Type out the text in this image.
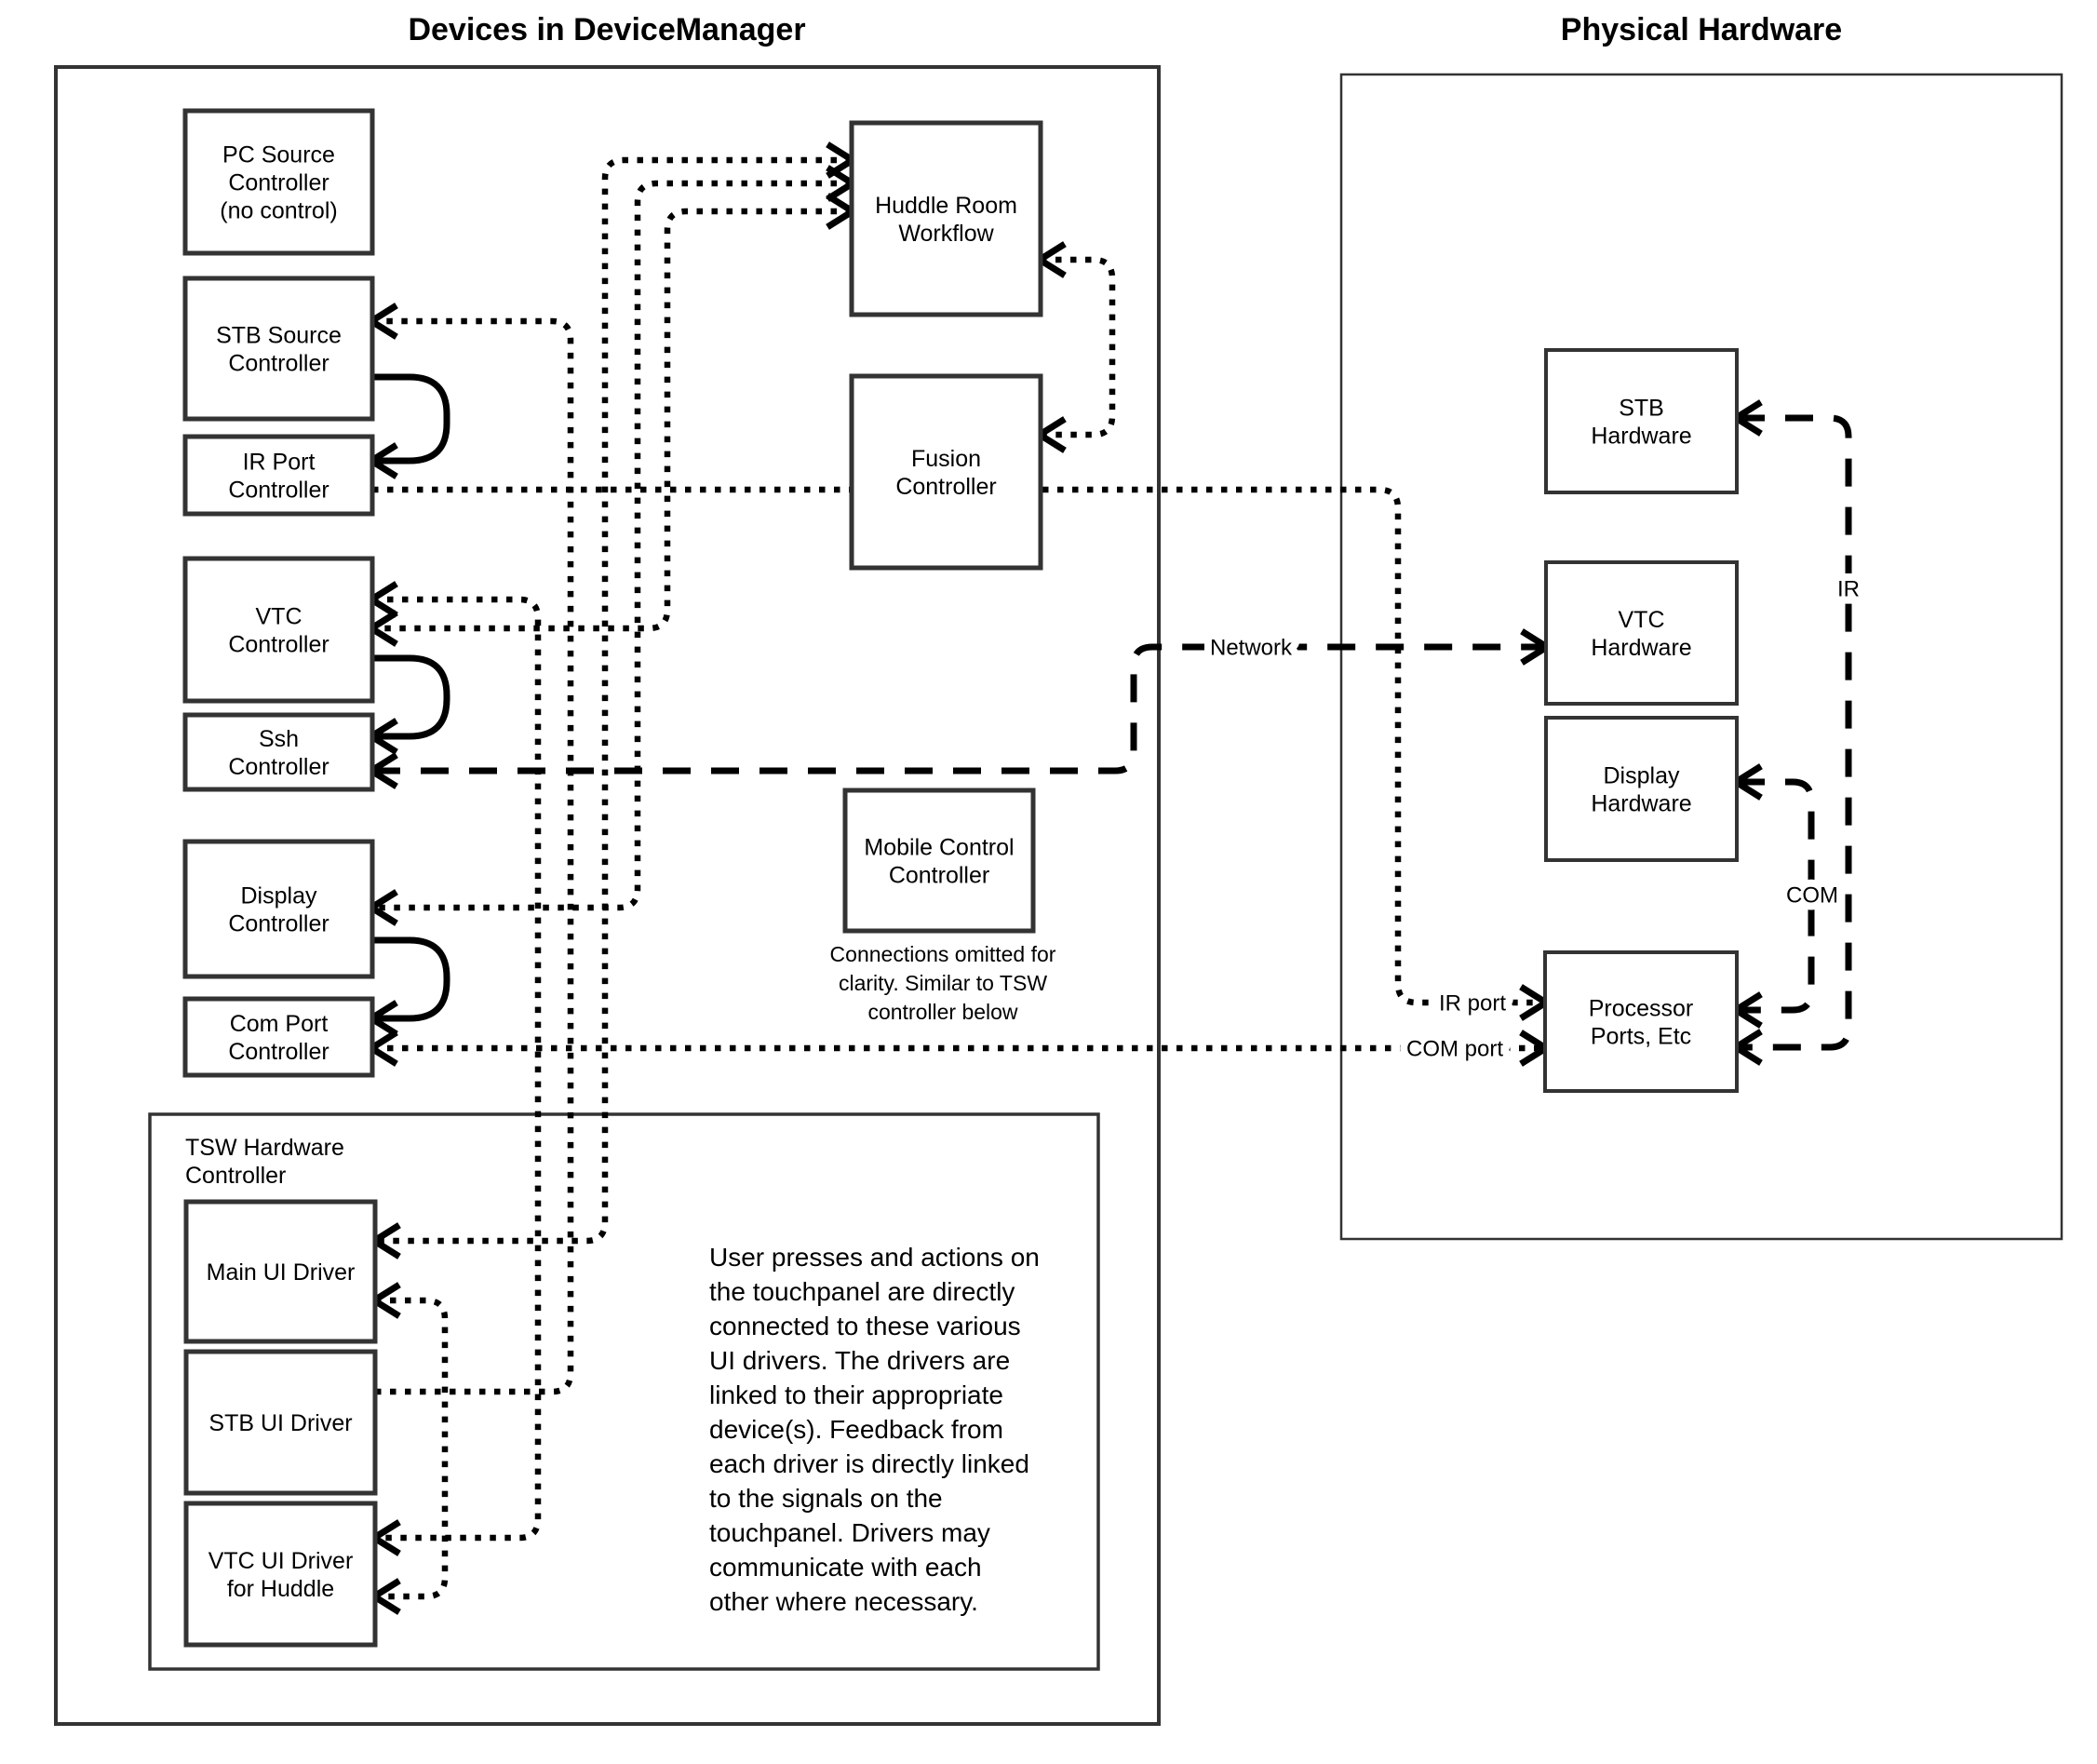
Devices in DeviceManager	Physical Hardware
PC Source Controller (no control)
STB Source Controller
IR Port Controller
VTC Controller
Ssh Controller
Display Controller
Com Port Controller
Huddle Room Workflow
Fusion Controller
Mobile Control Controller
Main UI Driver
STB UI Driver
VTC UI Driver for Huddle
STB Hardware
VTC Hardware
Display Hardware
Processor Ports, Etc
Network
IR
COM
IR port
COM port
TSW Hardware Controller
Connections omitted for clarity. Similar to TSW controller below
User presses and actions on the touchpanel are directly connected to these various UI drivers. The drivers are linked to their appropriate device(s). Feedback from each driver is directly linked to the signals on the touchpanel. Drivers may communicate with each other where necessary.
